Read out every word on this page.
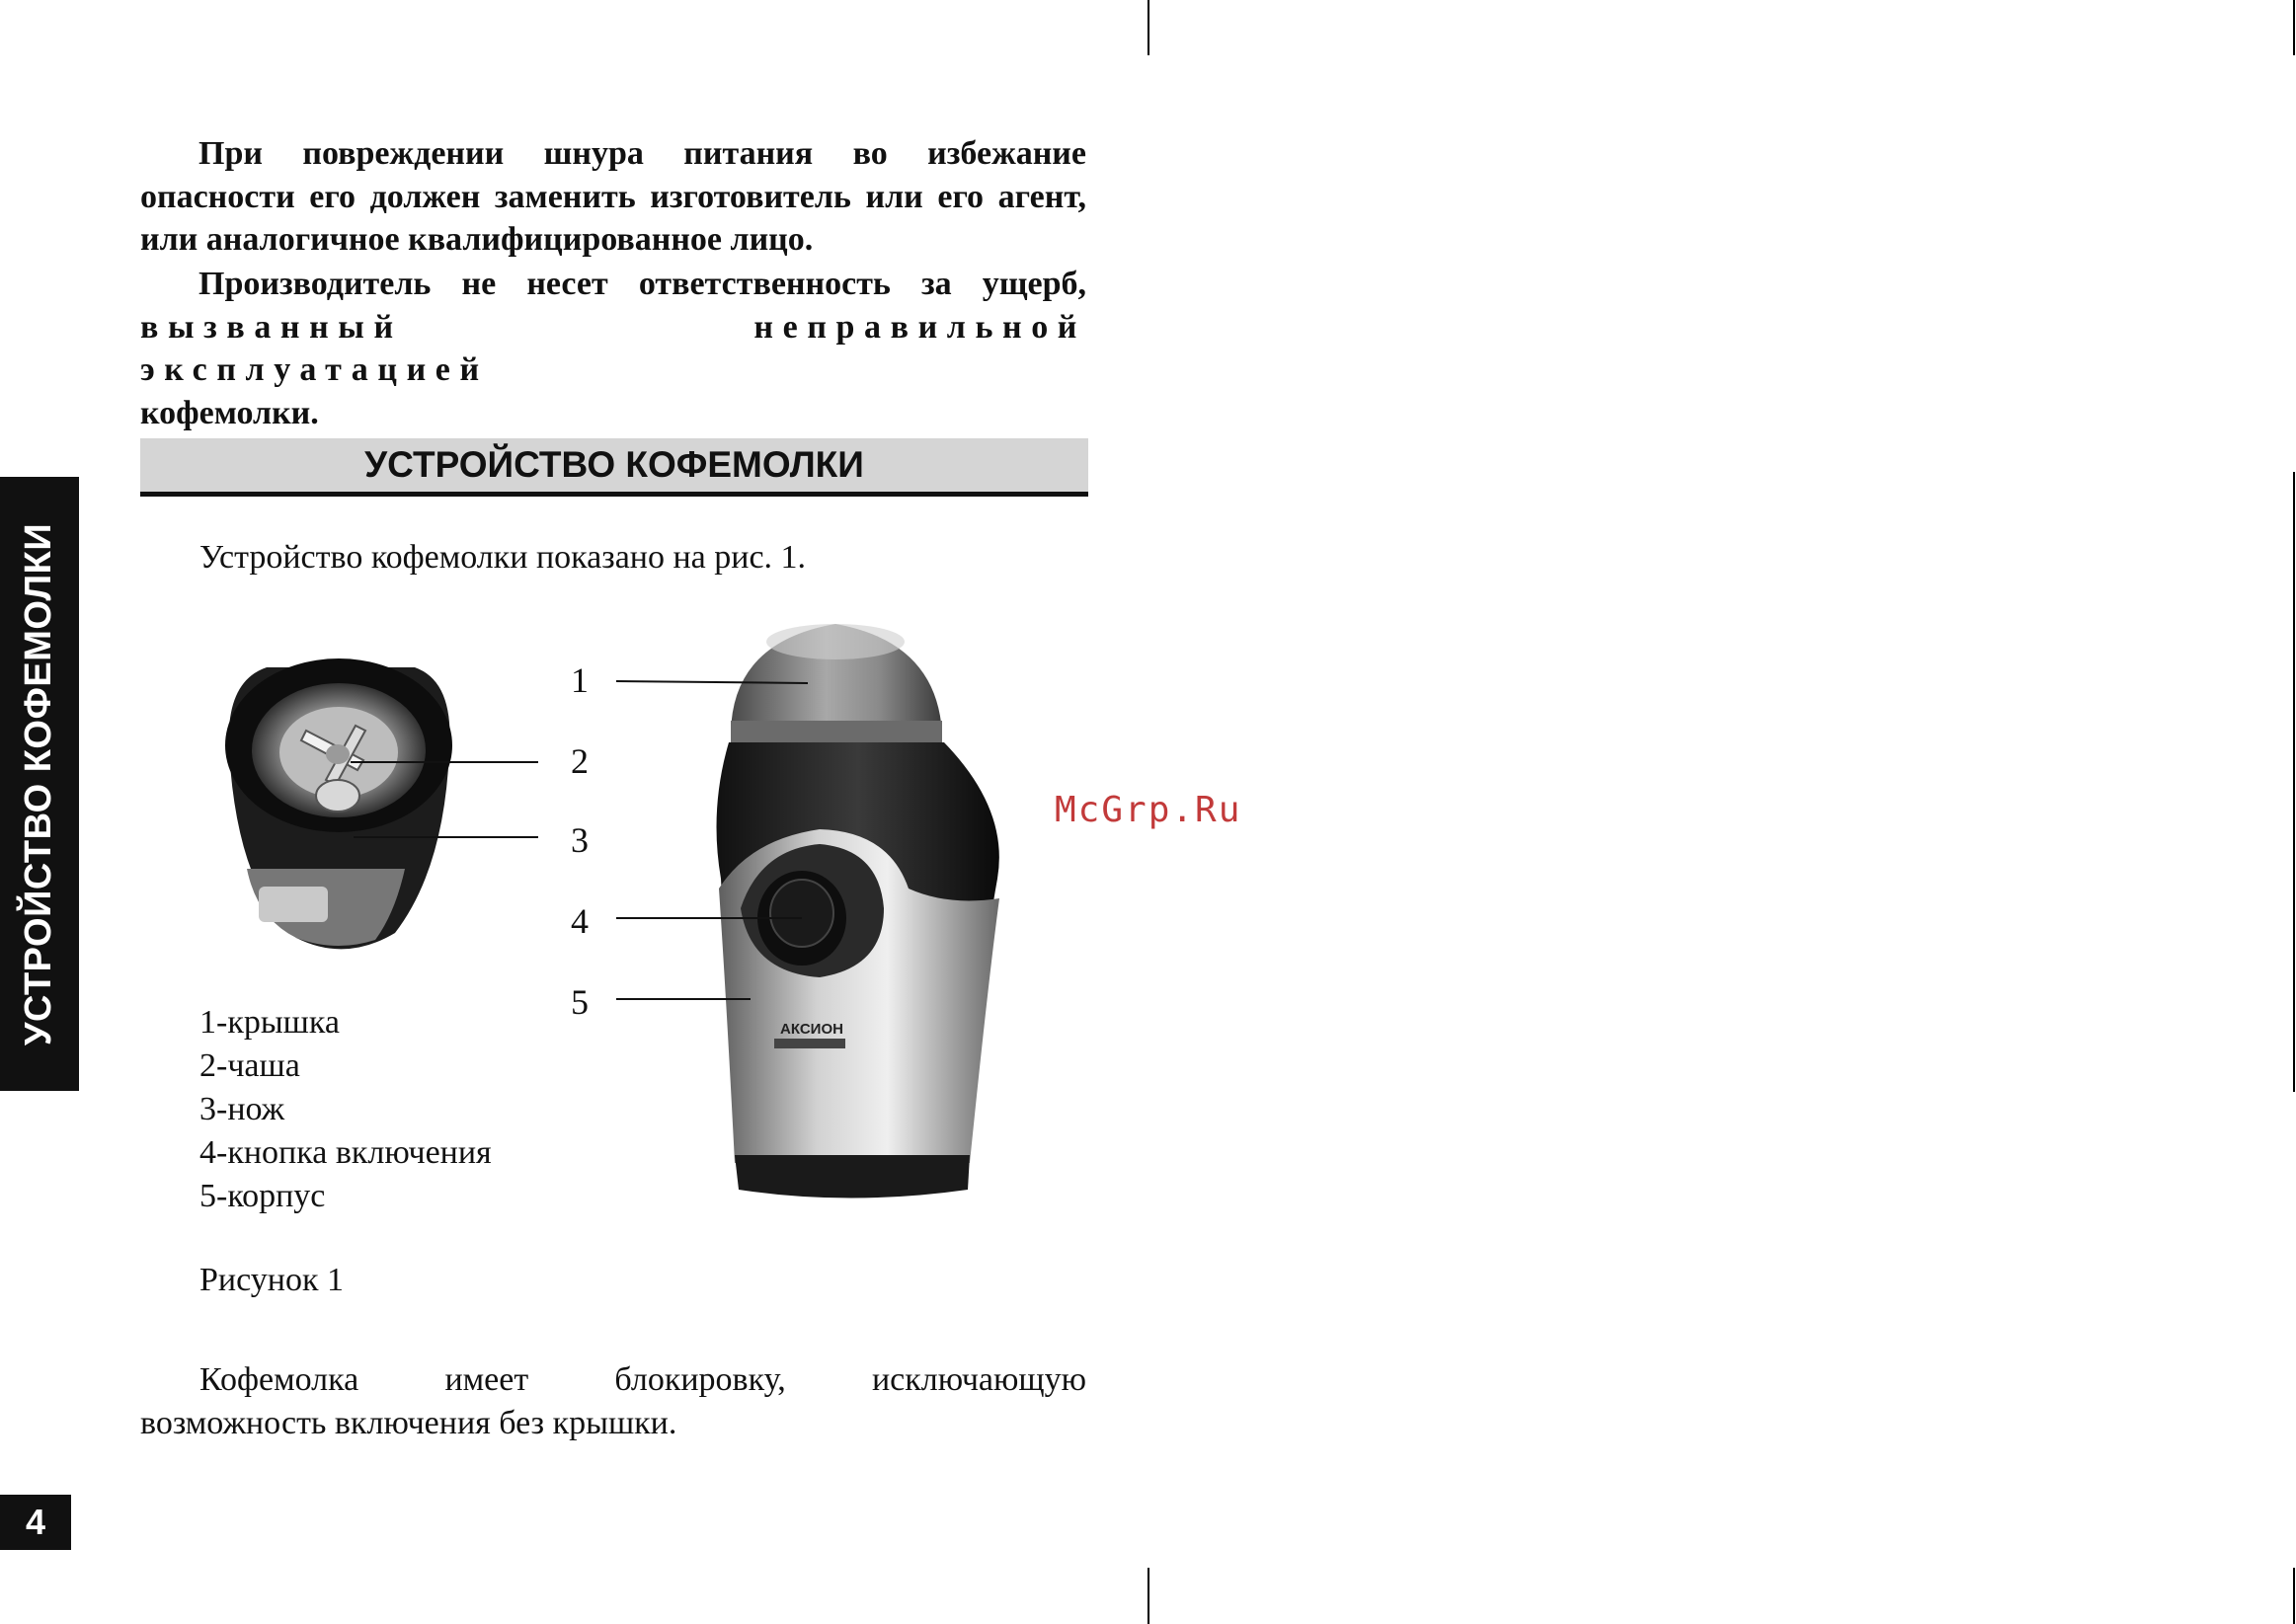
При повреждении шнура питания во избежание опасности его должен заменить изготовитель или его агент, или аналогичное квалифицированное лицо.
Производитель не несет ответственность за ущерб,
вызванный неправильной эксплуатацией
кофемолки.
УСТРОЙСТВО КОФЕМОЛКИ
УСТРОЙСТВО КОФЕМОЛКИ	Устройство кофемолки показано на рис. 1.
АКСИОН
1
2
3
4
5
1-крышка
2-чаша
3-нож
4-кнопка включения
5-корпус
Рисунок 1
Кофемолка имеет блокировку, исключающую
возможность включения без крышки.
McGrp.Ru
4
